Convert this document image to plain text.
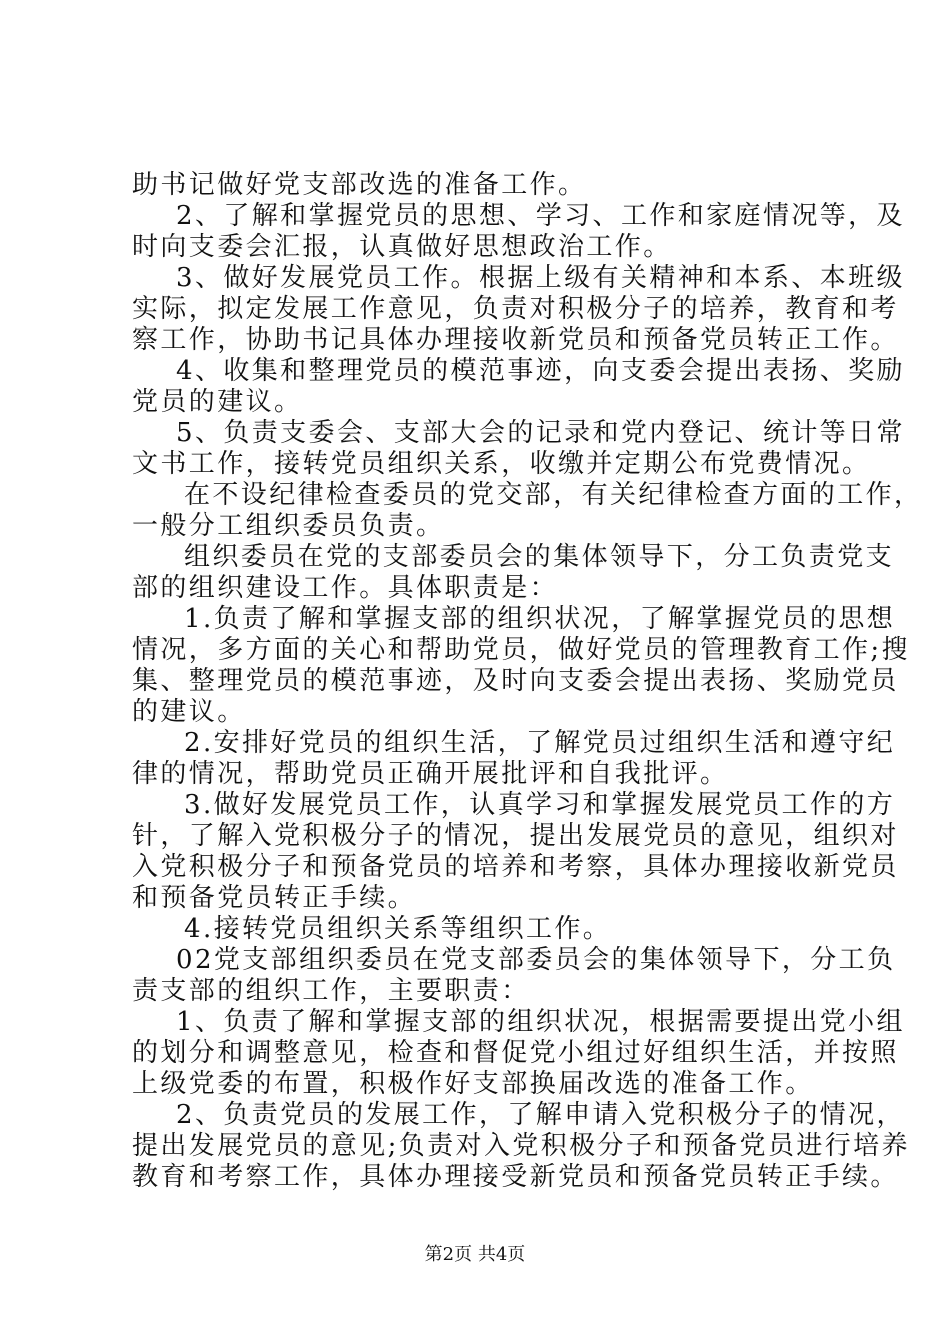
助书记做好党支部改选的准备工作。
2、了解和掌握党员的思想、学习、工作和家庭情况等，及
时向支委会汇报，认真做好思想政治工作。
3、做好发展党员工作。根据上级有关精神和本系、本班级
实际，拟定发展工作意见，负责对积极分子的培养，教育和考
察工作，协助书记具体办理接收新党员和预备党员转正工作。
4、收集和整理党员的模范事迹，向支委会提出表扬、奖励
党员的建议。
5、负责支委会、支部大会的记录和党内登记、统计等日常
文书工作，接转党员组织关系，收缴并定期公布党费情况。
在不设纪律检查委员的党交部，有关纪律检查方面的工作，
一般分工组织委员负责。
组织委员在党的支部委员会的集体领导下，分工负责党支
部的组织建设工作。具体职责是：
1.负责了解和掌握支部的组织状况，了解掌握党员的思想
情况，多方面的关心和帮助党员，做好党员的管理教育工作;搜
集、整理党员的模范事迹，及时向支委会提出表扬、奖励党员
的建议。
2.安排好党员的组织生活，了解党员过组织生活和遵守纪
律的情况，帮助党员正确开展批评和自我批评。
3.做好发展党员工作，认真学习和掌握发展党员工作的方
针，了解入党积极分子的情况，提出发展党员的意见，组织对
入党积极分子和预备党员的培养和考察，具体办理接收新党员
和预备党员转正手续。
4.接转党员组织关系等组织工作。
02党支部组织委员在党支部委员会的集体领导下，分工负
责支部的组织工作，主要职责：
1、负责了解和掌握支部的组织状况，根据需要提出党小组
的划分和调整意见，检查和督促党小组过好组织生活，并按照
上级党委的布置，积极作好支部换届改选的准备工作。
2、负责党员的发展工作，了解申请入党积极分子的情况，
提出发展党员的意见;负责对入党积极分子和预备党员进行培养
教育和考察工作，具体办理接受新党员和预备党员转正手续。
第2页 共4页
